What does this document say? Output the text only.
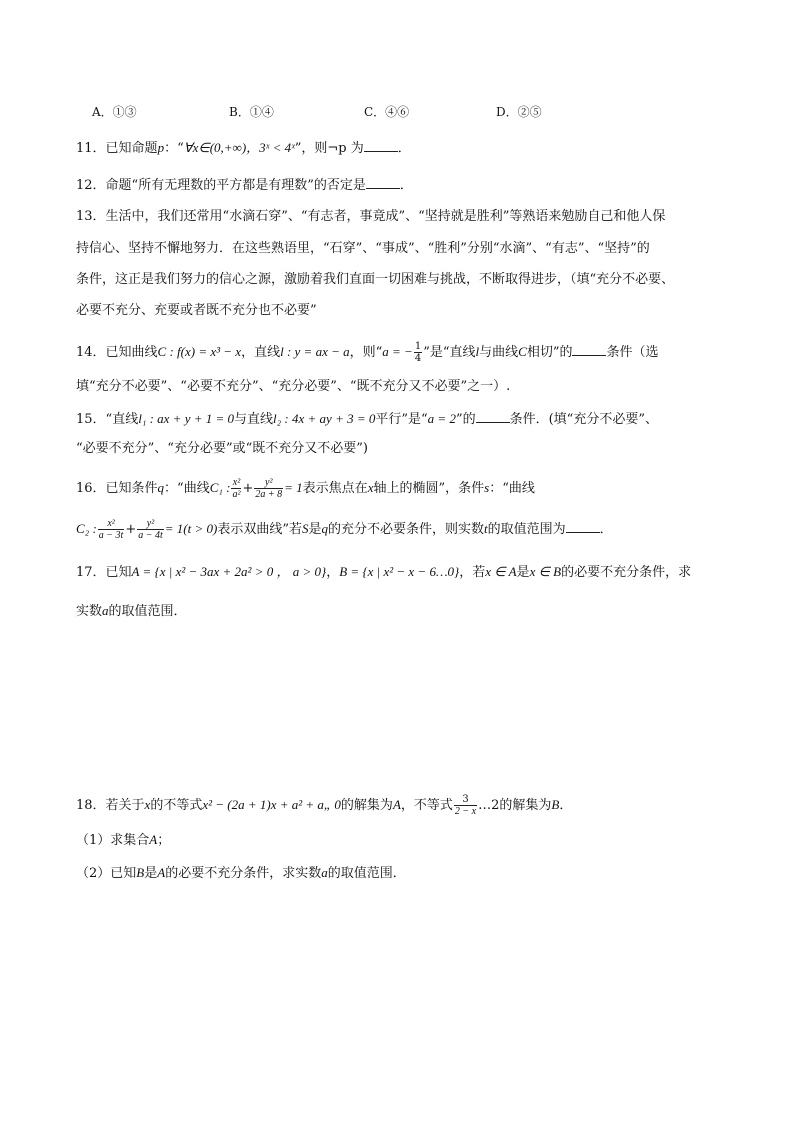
A．①③	B．①④	C．④⑥	D．②⑤
11．已知命题p：“∀x∈(0,+∞)，3ˣ < 4ˣ”，则¬p 为	．
12．命题“所有无理数的平方都是有理数”的否定是	．
13．生活中，我们还常用“水滴石穿”、“有志者，事竟成”、“坚持就是胜利”等熟语来勉励自己和他人保
持信心、坚持不懈地努力．在这些熟语里，“石穿”、“事成”、“胜利”分别“水滴”、“有志”、“坚持”的
条件，这正是我们努力的信心之源，激励着我们直面一切困难与挑战，不断取得进步，（填“充分不必要、
必要不充分、充要或者既不充分也不必要”
14．已知曲线C : f(x) = x³ − x，直线l : y = ax − a，则“a = − $\frac{1}{4}$ ”是“直线l与曲线C相切”的	条件（选
填“充分不必要”、“必要不充分”、“充分必要”、“既不充分又不必要”之一）.
15．“直线l₁ : ax + y + 1 = 0与直线l₂ : 4x + ay + 3 = 0平行”是“a = 2”的	条件．(填“充分不必要”、
“必要不充分”、“充分必要”或“既不充分又不必要”)
16．已知条件q：“曲线C₁ : $\frac{\text{x²}}{\text{a²}} + \frac{\text{y²}}{2a + 8} = 1$表示焦点在x轴上的椭圆”，条件s：“曲线
C₂ : $\frac{\text{x²}}{a - 3t} + \frac{\text{y²}}{a - 4t} = 1(t > 0)$表示双曲线”若S是q的充分不必要条件，则实数t的取值范围为	．
17．已知A = {x | x² − 3ax + 2a² > 0 ， a > 0}，B = {x | x² − x − 6…0}，若x ∈ A是x ∈ B的必要不充分条件，求
实数a的取值范围．
18．若关于x的不等式x² − (2a + 1)x + a² + a„ 0的解集为A，不等式 $\frac{3}{2 - x}$ …2的解集为B．
（1）求集合A；
（2）已知B是A的必要不充分条件，求实数a的取值范围．
